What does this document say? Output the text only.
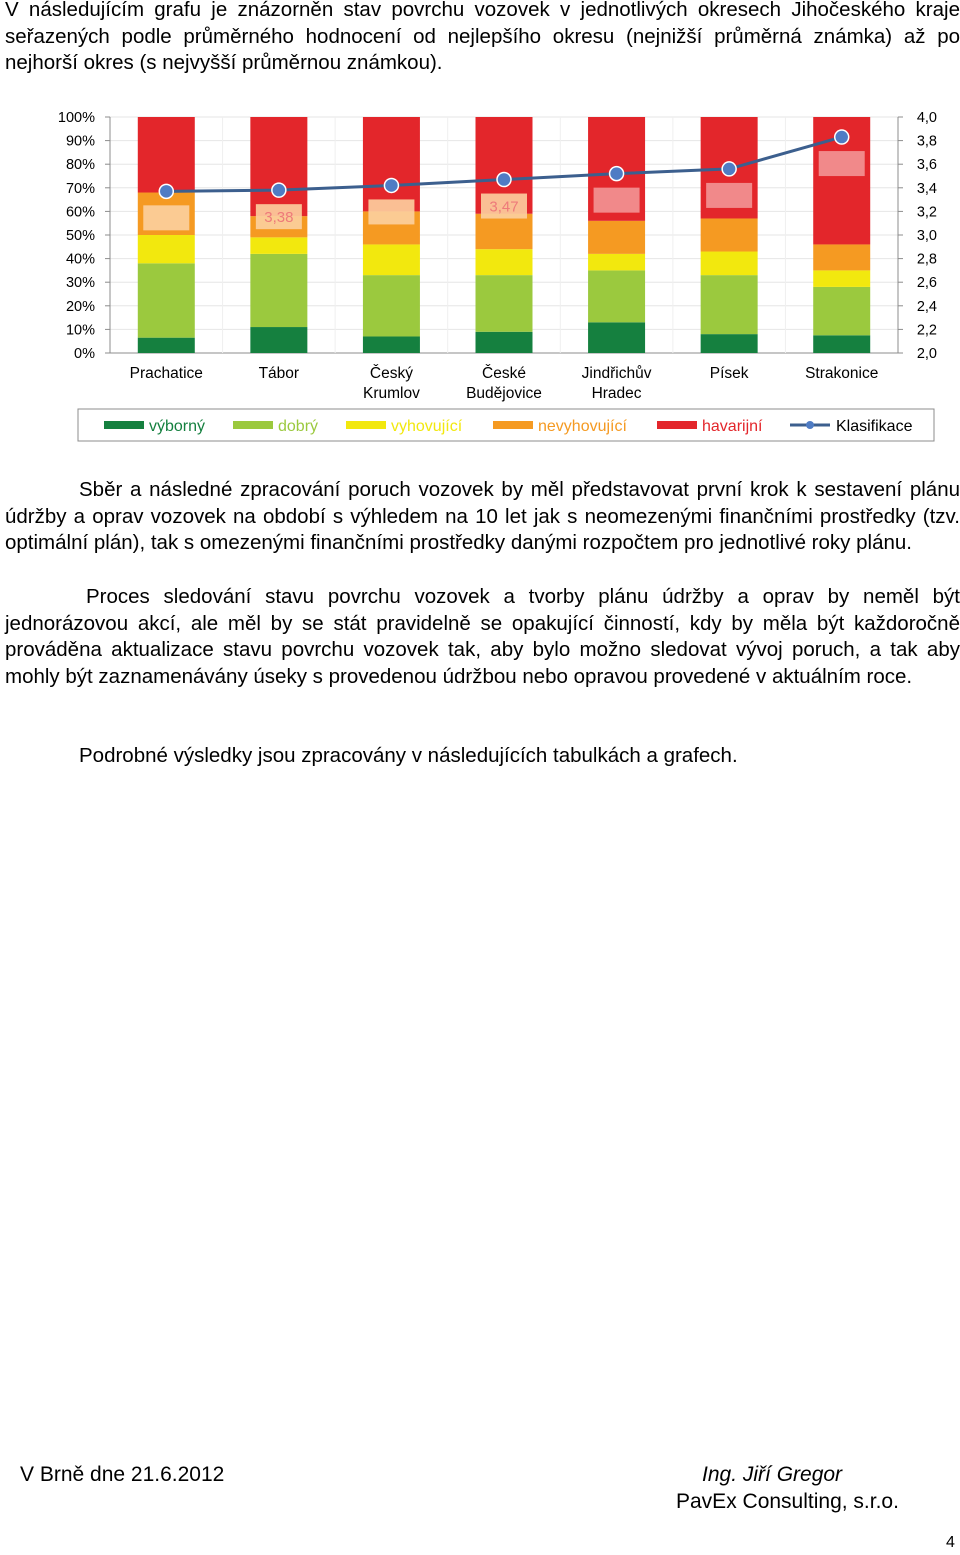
V následujícím grafu je znázorněn stav povrchu vozovek v jednotlivých okresech Jihočeského kraje seřazených podle průměrného hodnocení od nejlepšího okresu (nejnižší průměrná známka) až po nejhorší okres (s nejvyšší průměrnou známkou).
3,38
3,47
0%
10%
20%
30%
40%
50%
60%
70%
80%
90%
100%
2,0
2,2
2,4
2,6
2,8
3,0
3,2
3,4
3,6
3,8
4,0
Prachatice	Tábor	Český
Krumlov
České
Budějovice
Jindřichův
Hradec
Písek	Strakonice
výborný	dobrý	vyhovující	nevyhovující	havarijní	Klasifikace
Sběr a následné zpracování poruch vozovek by měl představovat první krok k sestavení plánu údržby a oprav vozovek na období s výhledem na 10 let jak s neomezenými finančními prostředky (tzv. optimální plán), tak s omezenými finančními prostředky danými rozpočtem pro jednotlivé roky plánu.
Proces sledování stavu povrchu vozovek a tvorby plánu údržby a oprav by neměl být jednorázovou akcí, ale měl by se stát pravidelně se opakující činností, kdy by měla být každoročně prováděna aktualizace stavu povrchu vozovek tak, aby bylo možno sledovat vývoj poruch, a tak aby mohly být zaznamenávány úseky s provedenou údržbou nebo opravou provedené v aktuálním roce.
Podrobné výsledky jsou zpracovány v následujících tabulkách a grafech.
V Brně dne 21.6.2012	Ing. Jiří Gregor
PavEx Consulting, s.r.o.
4
